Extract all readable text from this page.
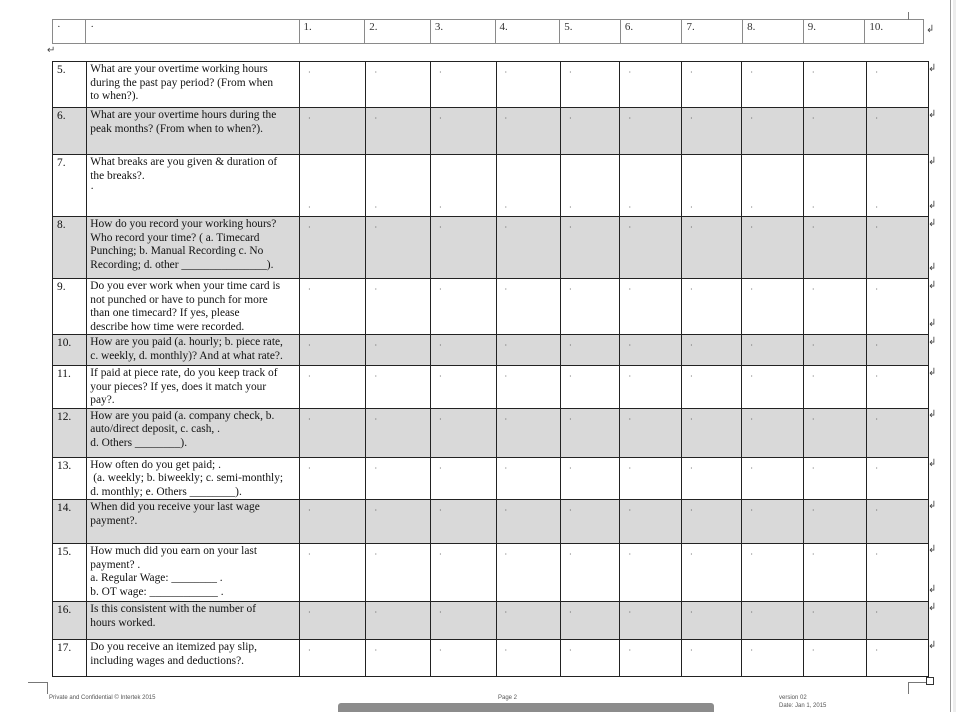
·	·	1.	2.	3.	4.	5.	6.	7.	8.	9.	10.	↲
↵
5.	What are your overtime working hours
during the past pay period? (From when
to when?).	·	·	·	·	·	·	·	·	·	·
6.	What are your overtime hours during the
peak months? (From when to when?).	·	·	·	·	·	·	·	·	·	·
7.	What breaks are you given & duration of
the breaks?.
·	·	·	·	·	·	·	·	·	·	·
8.	How do you record your working hours?
Who record your time? ( a. Timecard
Punching; b. Manual Recording c. No
Recording; d. other _______________).	·	·	·	·	·	·	·	·	·	·
9.	Do you ever work when your time card is
not punched or have to punch for more
than one timecard? If yes, please
describe how time were recorded.	·	·	·	·	·	·	·	·	·	·
10.	How are you paid (a. hourly; b. piece rate,
c. weekly, d. monthly)? And at what rate?.	·	·	·	·	·	·	·	·	·	·
11.	If paid at piece rate, do you keep track of
your pieces? If yes, does it match your
pay?.	·	·	·	·	·	·	·	·	·	·
12.	How are you paid (a. company check, b.
auto/direct deposit, c. cash, .
d. Others ________).	·	·	·	·	·	·	·	·	·	·
13.	How often do you get paid; .
(a. weekly; b. biweekly; c. semi-monthly;
d. monthly; e. Others ________).	·	·	·	·	·	·	·	·	·	·
14.	When did you receive your last wage
payment?.	·	·	·	·	·	·	·	·	·	·
15.	How much did you earn on your last
payment? .
a. Regular Wage: ________ .
b. OT wage: ____________ .	·	·	·	·	·	·	·	·	·	·
16.	Is this consistent with the number of
hours worked.	·	·	·	·	·	·	·	·	·	·
17.	Do you receive an itemized pay slip,
including wages and deductions?.	·	·	·	·	·	·	·	·	·	·
↲
↲
↲
↲
↲
↲
↲
↲
↲
↲
↲
↲
↲
↲
↲
↲
↲
Private and Confidential © Intertek 2015	Page 2	version 02
Date: Jan 1, 2015
